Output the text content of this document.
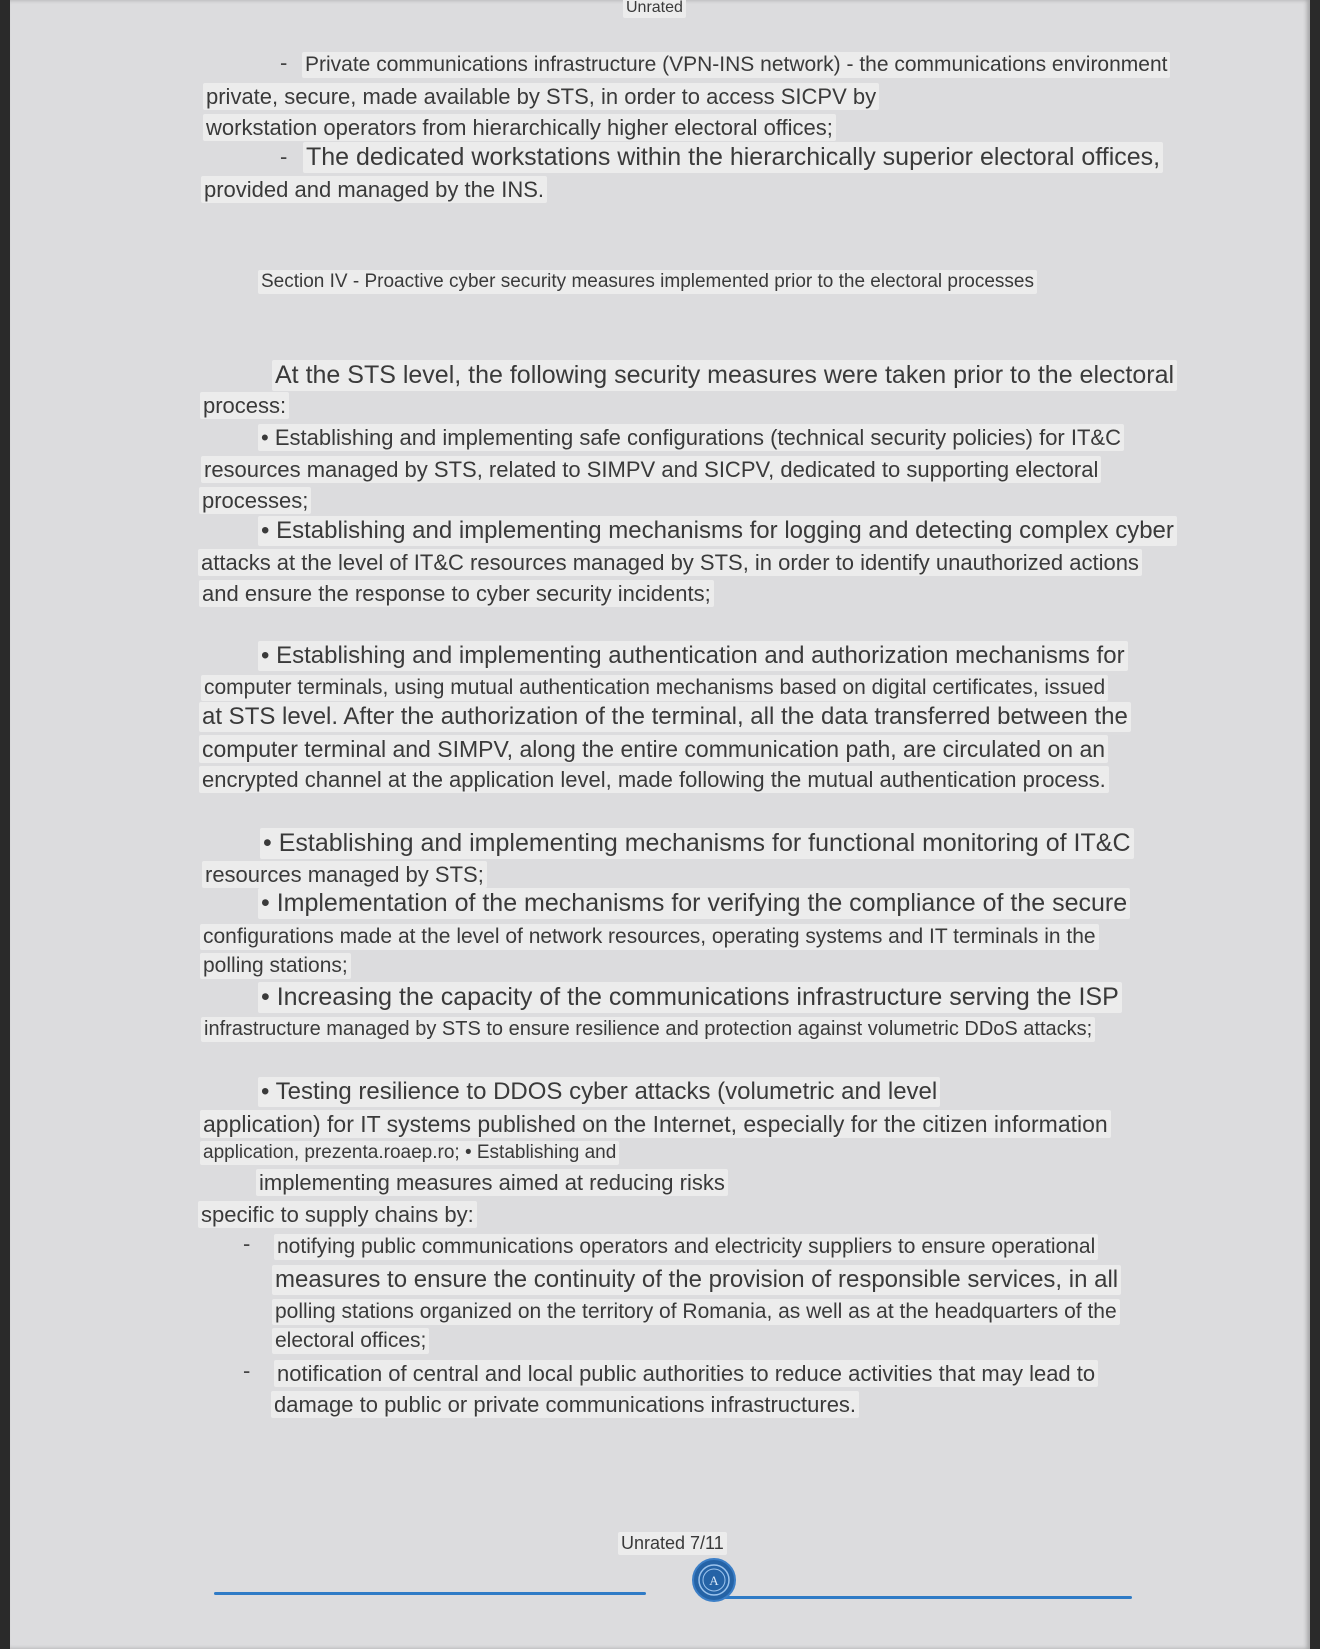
Unrated
- Private communications infrastructure (VPN-INS network) - the communications environment
private, secure, made available by STS, in order to access SICPV by
workstation operators from hierarchically higher electoral offices;
- The dedicated workstations within the hierarchically superior electoral offices,
provided and managed by the INS.
Section IV - Proactive cyber security measures implemented prior to the electoral processes
At the STS level, the following security measures were taken prior to the electoral
process:
• Establishing and implementing safe configurations (technical security policies) for IT&C
resources managed by STS, related to SIMPV and SICPV, dedicated to supporting electoral
processes;
• Establishing and implementing mechanisms for logging and detecting complex cyber
attacks at the level of IT&C resources managed by STS, in order to identify unauthorized actions
and ensure the response to cyber security incidents;
• Establishing and implementing authentication and authorization mechanisms for
computer terminals, using mutual authentication mechanisms based on digital certificates, issued
at STS level. After the authorization of the terminal, all the data transferred between the
computer terminal and SIMPV, along the entire communication path, are circulated on an
encrypted channel at the application level, made following the mutual authentication process.
• Establishing and implementing mechanisms for functional monitoring of IT&C
resources managed by STS;
• Implementation of the mechanisms for verifying the compliance of the secure
configurations made at the level of network resources, operating systems and IT terminals in the
polling stations;
• Increasing the capacity of the communications infrastructure serving the ISP
infrastructure managed by STS to ensure resilience and protection against volumetric DDoS attacks;
• Testing resilience to DDOS cyber attacks (volumetric and level
application) for IT systems published on the Internet, especially for the citizen information
application, prezenta.roaep.ro; • Establishing and
implementing measures aimed at reducing risks
specific to supply chains by:
- notifying public communications operators and electricity suppliers to ensure operational
measures to ensure the continuity of the provision of responsible services, in all
polling stations organized on the territory of Romania, as well as at the headquarters of the
electoral offices;
- notification of central and local public authorities to reduce activities that may lead to
damage to public or private communications infrastructures.
A
Unrated 7/11
